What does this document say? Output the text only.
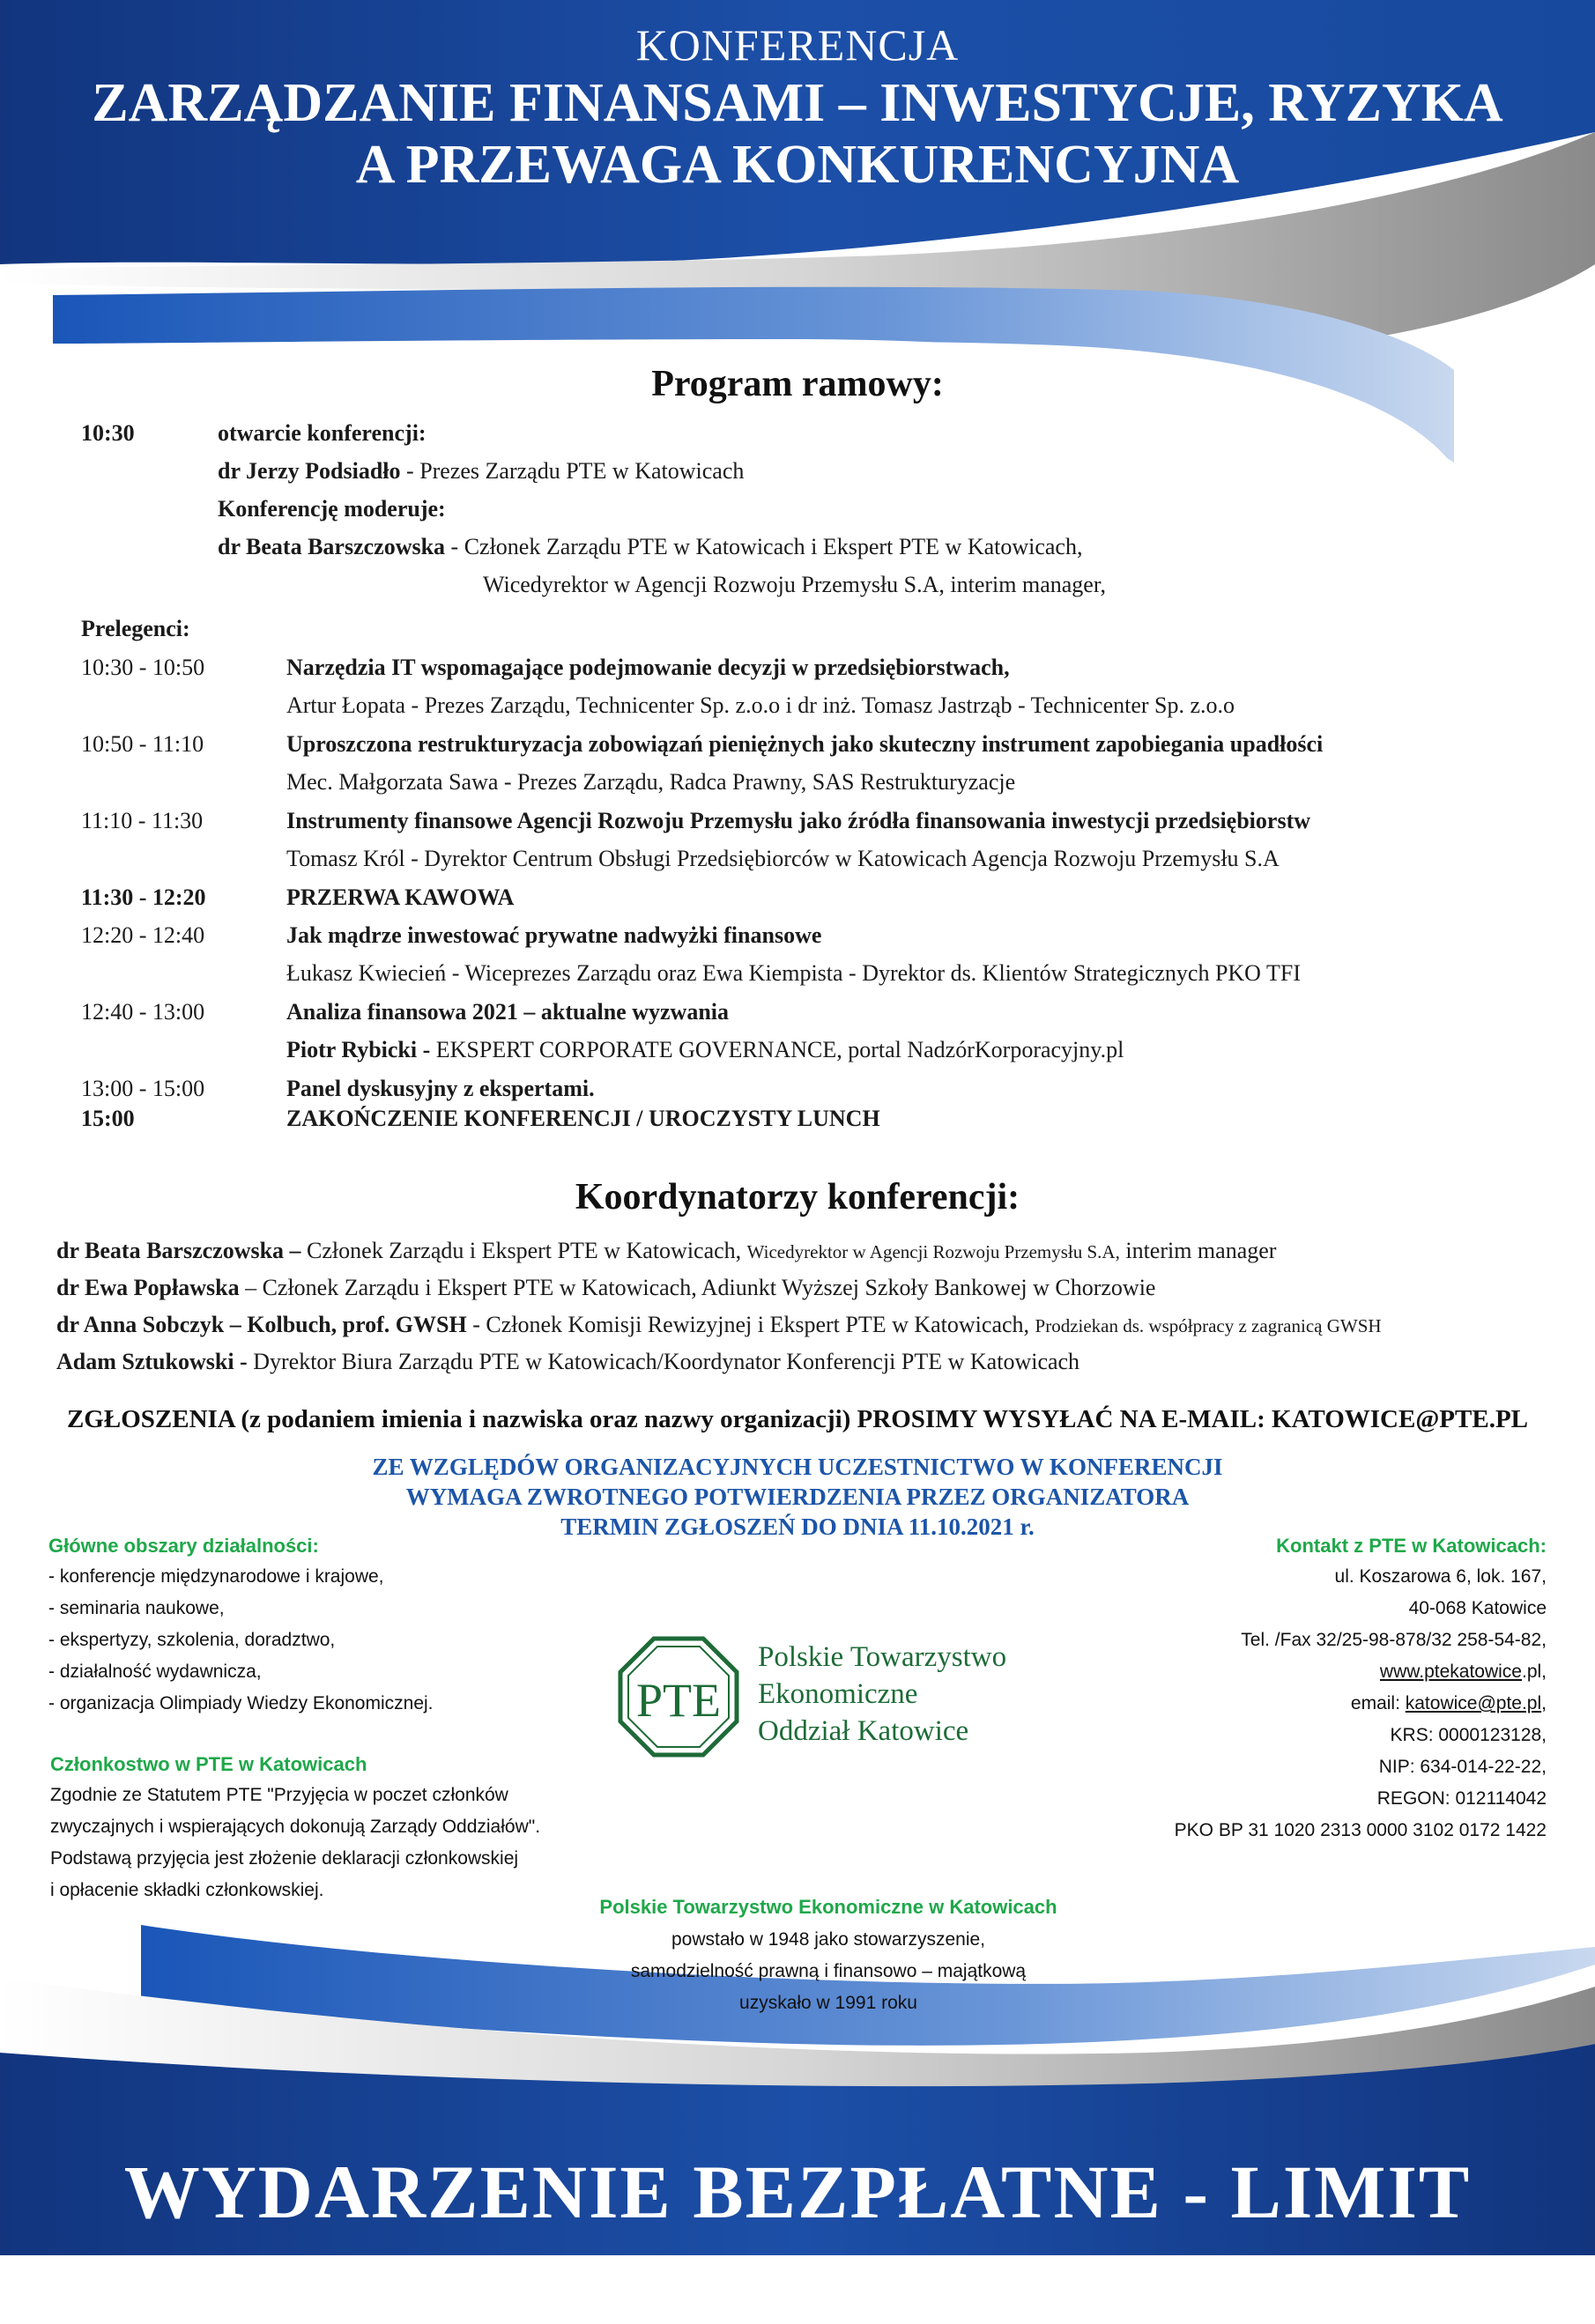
KONFERENCJA
ZARZĄDZANIE FINANSAMI – INWESTYCJE, RYZYKA
A PRZEWAGA KONKURENCYJNA
Program ramowy:
10:30	otwarcie konferencji:
dr Jerzy Podsiadło - Prezes Zarządu PTE w Katowicach
Konferencję moderuje:
dr Beata Barszczowska - Członek Zarządu PTE w Katowicach i Ekspert PTE w Katowicach,
Wicedyrektor w Agencji Rozwoju Przemysłu S.A, interim manager,
Prelegenci:
10:30 - 10:50	Narzędzia IT wspomagające podejmowanie decyzji w przedsiębiorstwach,
Artur Łopata - Prezes Zarządu, Technicenter Sp. z.o.o i dr inż. Tomasz Jastrząb - Technicenter Sp. z.o.o
10:50 - 11:10	Uproszczona restrukturyzacja zobowiązań pieniężnych jako skuteczny instrument zapobiegania upadłości
Mec. Małgorzata Sawa - Prezes Zarządu, Radca Prawny, SAS Restrukturyzacje
11:10 - 11:30	Instrumenty finansowe Agencji Rozwoju Przemysłu jako źródła finansowania inwestycji przedsiębiorstw
Tomasz Król - Dyrektor Centrum Obsługi Przedsiębiorców w Katowicach Agencja Rozwoju Przemysłu S.A
11:30 - 12:20	PRZERWA KAWOWA
12:20 - 12:40	Jak mądrze inwestować prywatne nadwyżki finansowe
Łukasz Kwiecień - Wiceprezes Zarządu oraz Ewa Kiempista - Dyrektor ds. Klientów Strategicznych PKO TFI
12:40 - 13:00	Analiza finansowa 2021 – aktualne wyzwania
Piotr Rybicki - EKSPERT CORPORATE GOVERNANCE, portal NadzórKorporacyjny.pl
13:00 - 15:00	Panel dyskusyjny z ekspertami.
15:00	ZAKOŃCZENIE KONFERENCJI / UROCZYSTY LUNCH
Koordynatorzy konferencji:
dr Beata Barszczowska – Członek Zarządu i Ekspert PTE w Katowicach, Wicedyrektor w Agencji Rozwoju Przemysłu S.A, interim manager
dr Ewa Popławska – Członek Zarządu i Ekspert PTE w Katowicach, Adiunkt Wyższej Szkoły Bankowej w Chorzowie
dr Anna Sobczyk – Kolbuch, prof. GWSH - Członek Komisji Rewizyjnej i Ekspert PTE w Katowicach, Prodziekan ds. współpracy z zagranicą GWSH
Adam Sztukowski - Dyrektor Biura Zarządu PTE w Katowicach/Koordynator Konferencji PTE w Katowicach
ZGŁOSZENIA (z podaniem imienia i nazwiska oraz nazwy organizacji) PROSIMY WYSYŁAĆ NA E-MAIL: KATOWICE@PTE.PL
ZE WZGLĘDÓW ORGANIZACYJNYCH UCZESTNICTWO W KONFERENCJI
WYMAGA ZWROTNEGO POTWIERDZENIA PRZEZ ORGANIZATORA
TERMIN ZGŁOSZEŃ DO DNIA 11.10.2021 r.
Główne obszary działalności:
- konferencje międzynarodowe i krajowe,
- seminaria naukowe,
- ekspertyzy, szkolenia, doradztwo,
- działalność wydawnicza,
- organizacja Olimpiady Wiedzy Ekonomicznej.
Członkostwo w PTE w Katowicach
Zgodnie ze Statutem PTE "Przyjęcia w poczet członków
zwyczajnych i wspierających dokonują Zarządy Oddziałów".
Podstawą przyjęcia jest złożenie deklaracji członkowskiej
i opłacenie składki członkowskiej.
PTE
Polskie Towarzystwo
Ekonomiczne
Oddział Katowice
Kontakt z PTE w Katowicach:
ul. Koszarowa 6, lok. 167,
40-068 Katowice
Tel. /Fax 32/25-98-878/32 258-54-82,
www.ptekatowice.pl,
email: katowice@pte.pl,
KRS: 0000123128,
NIP: 634-014-22-22,
REGON: 012114042
PKO BP 31 1020 2313 0000 3102 0172 1422
Polskie Towarzystwo Ekonomiczne w Katowicach
powstało w 1948 jako stowarzyszenie,
samodzielność prawną i finansowo – majątkową
uzyskało w 1991 roku
WYDARZENIE BEZPŁATNE - LIMIT MIEJSC
